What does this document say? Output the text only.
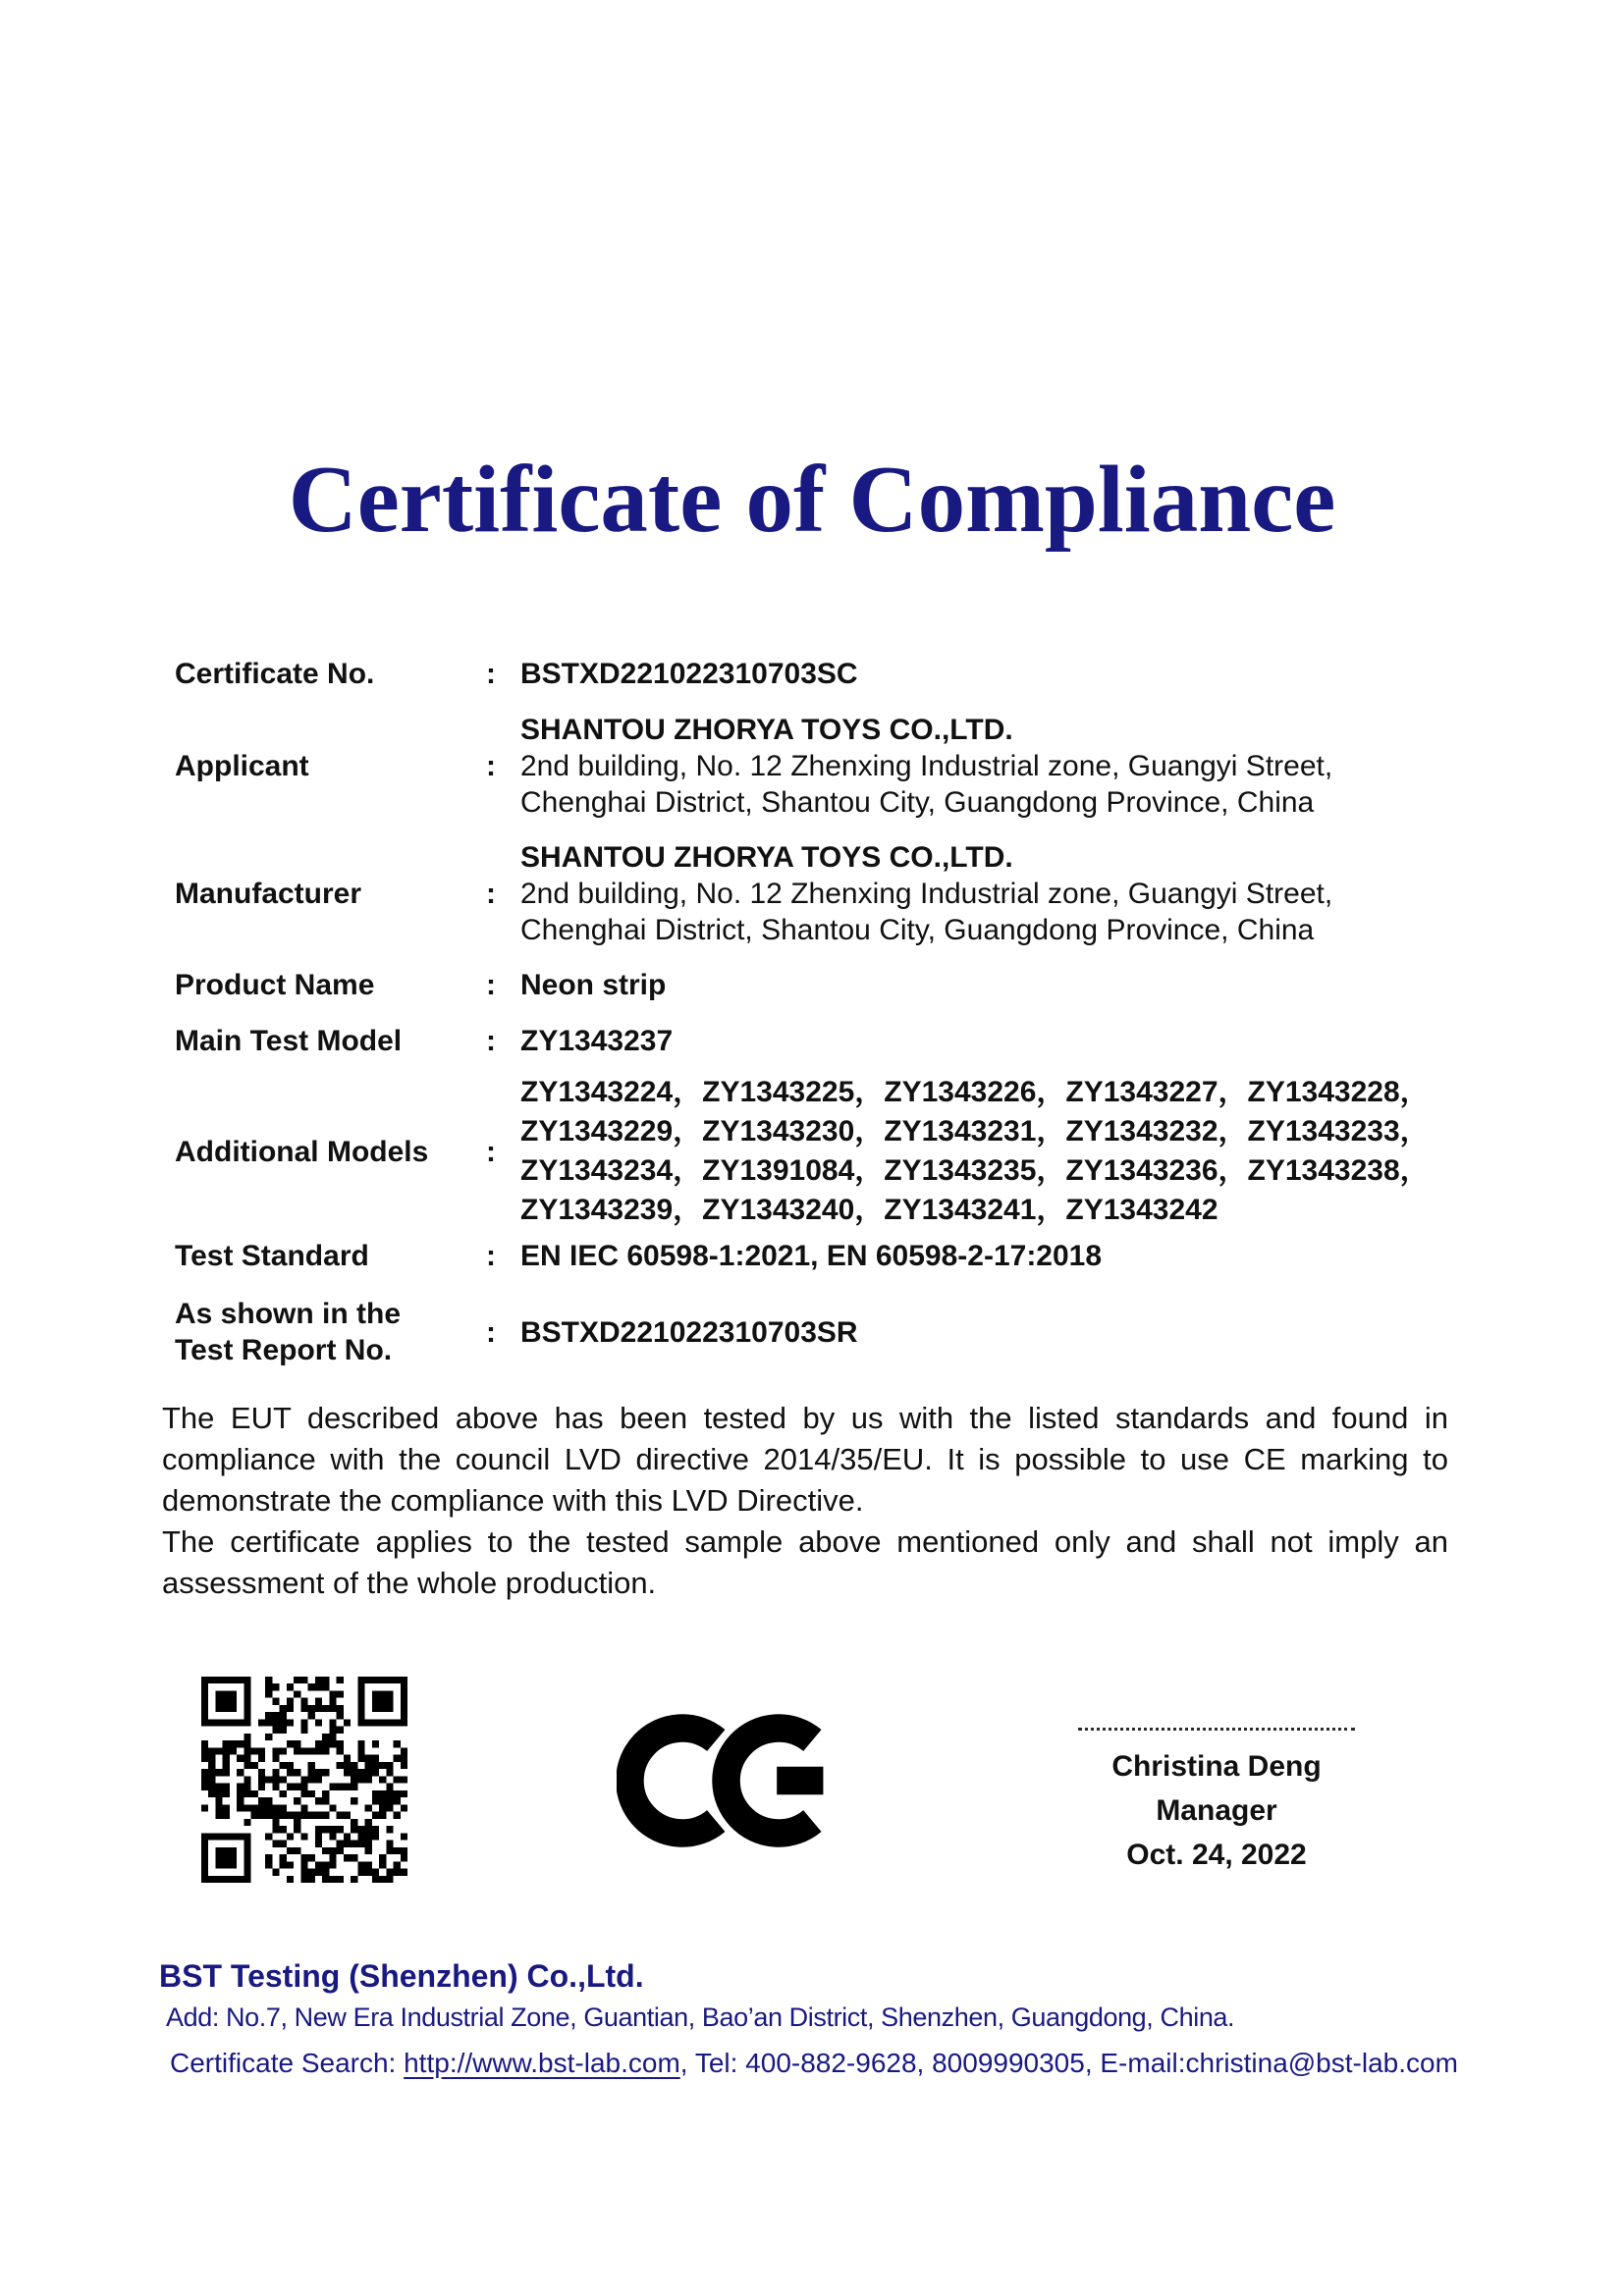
Certificate of Compliance
Certificate No.	: BSTXD221022310703SC
Applicant	:
SHANTOU ZHORYA TOYS CO.,LTD.
2nd building, No. 12 Zhenxing Industrial zone, Guangyi Street,
Chenghai District, Shantou City, Guangdong Province, China
Manufacturer	:
SHANTOU ZHORYA TOYS CO.,LTD.
2nd building, No. 12 Zhenxing Industrial zone, Guangyi Street,
Chenghai District, Shantou City, Guangdong Province, China
Product Name	: Neon strip
Main Test Model	: ZY1343237
Additional Models	:
ZY1343224，ZY1343225，ZY1343226，ZY1343227，ZY1343228，
ZY1343229，ZY1343230，ZY1343231，ZY1343232，ZY1343233，
ZY1343234，ZY1391084，ZY1343235，ZY1343236，ZY1343238，
ZY1343239，ZY1343240，ZY1343241，ZY1343242
Test Standard	: EN IEC 60598-1:2021, EN 60598-2-17:2018
As shown in the
Test Report No.
: BSTXD221022310703SR

The EUT described above has been tested by us with the listed standards and found in compliance with the council LVD directive 2014/35/EU. It is possible to use CE marking to demonstrate the compliance with this LVD Directive.

The certificate applies to the tested sample above mentioned only and shall not imply an assessment of the whole production.

Christina Deng
Manager
Oct. 24, 2022
BST Testing (Shenzhen) Co.,Ltd.
Add: No.7, New Era Industrial Zone, Guantian, Bao’an District, Shenzhen, Guangdong, China.
Certificate Search: http://www.bst-lab.com, Tel: 400-882-9628, 8009990305, E-mail:christina@bst-lab.com
